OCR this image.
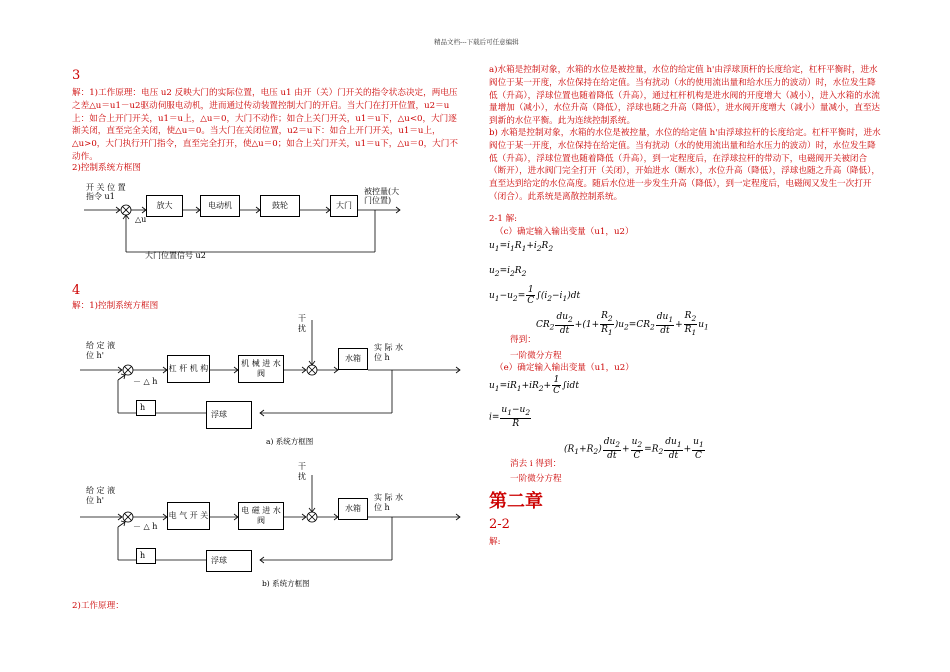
精品文档---下载后可任意编辑
3

解：1)工作原理：电压 u2 反映大门的实际位置，电压 u1 由开（关）门开关的指令状态决定，两电压之差△u＝u1－u2驱动伺服电动机，进而通过传动装置控制大门的开启。当大门在打开位置，u2＝u上：如合上开门开关，u1＝u上，△u＝0，大门不动作；如合上关门开关，u1＝u下，△u<0，大门逐渐关闭，直至完全关闭，使△u＝0。当大门在关闭位置，u2＝u下：如合上开门开关，u1＝u上，△u>0，大门执行开门指令，直至完全打开，使△u＝0；如合上关门开关，u1＝u下，△u＝0，大门不动作。

2)控制系统方框图
开 关 位 置
指令 u1
△u
放大	电动机	鼓轮	大门
被控量(大
门位置)
大门位置信号 u2
4
解：1)控制系统方框图
给 定 液
位 h'
－ △ h
杠 杆 机 构
机 械 进 水 阀
干
扰
水箱
实 际 水
位 h
h
浮球
a) 系统方框图
给 定 液
位 h'
－ △ h
电 气 开 关
电 磁 进 水 阀
干
扰
水箱
实 际 水
位 h
h
浮球
b) 系统方框图
2)工作原理：

a)水箱是控制对象，水箱的水位是被控量，水位的给定值 h'由浮球顶杆的长度给定，杠杆平衡时，进水阀位于某一开度，水位保持在给定值。当有扰动（水的使用流出量和给水压力的波动）时，水位发生降低（升高），浮球位置也随着降低（升高），通过杠杆机构是进水阀的开度增大（减小），进入水箱的水流量增加（减小），水位升高（降低），浮球也随之升高（降低），进水阀开度增大（减小）量减小，直至达到新的水位平衡。此为连续控制系统。

b) 水箱是控制对象，水箱的水位是被控量，水位的给定值 h'由浮球拉杆的长度给定。杠杆平衡时，进水阀位于某一开度，水位保持在给定值。当有扰动（水的使用流出量和给水压力的波动）时，水位发生降低（升高），浮球位置也随着降低（升高），到一定程度后，在浮球拉杆的带动下，电磁阀开关被闭合（断开），进水阀门完全打开（关闭），开始进水（断水），水位升高（降低），浮球也随之升高（降低），直至达到给定的水位高度。随后水位进一步发生升高（降低），到一定程度后，电磁阀又发生一次打开（闭合）。此系统是离散控制系统。

2-1 解:
（c）确定输入输出变量（u1，u2）
$u_1=i_1R_1+i_2R_2$
$u_2=i_2R_2$
$u_1-u_2= \frac{1}{C} \int(i_2-i_1)dt$
$CR_2 \frac{du_2}{dt} +(1+ \frac{R_2}{R_1} )u_2=CR_2 \frac{du_1}{dt} + \frac{R_2}{R_1} u_1$
得到：
一阶微分方程
（e）确定输入输出变量（u1，u2）
$u_1=iR_1+iR_2+ \frac{1}{C} \int idt$
$i= \frac{u_1-u_2}{R}$
$(R_1+R_2) \frac{du_2}{dt} + \frac{u_2}{C} =R_2 \frac{du_1}{dt} + \frac{u_1}{C}$
消去 i 得到：
一阶微分方程
第二章
2-2
解:
